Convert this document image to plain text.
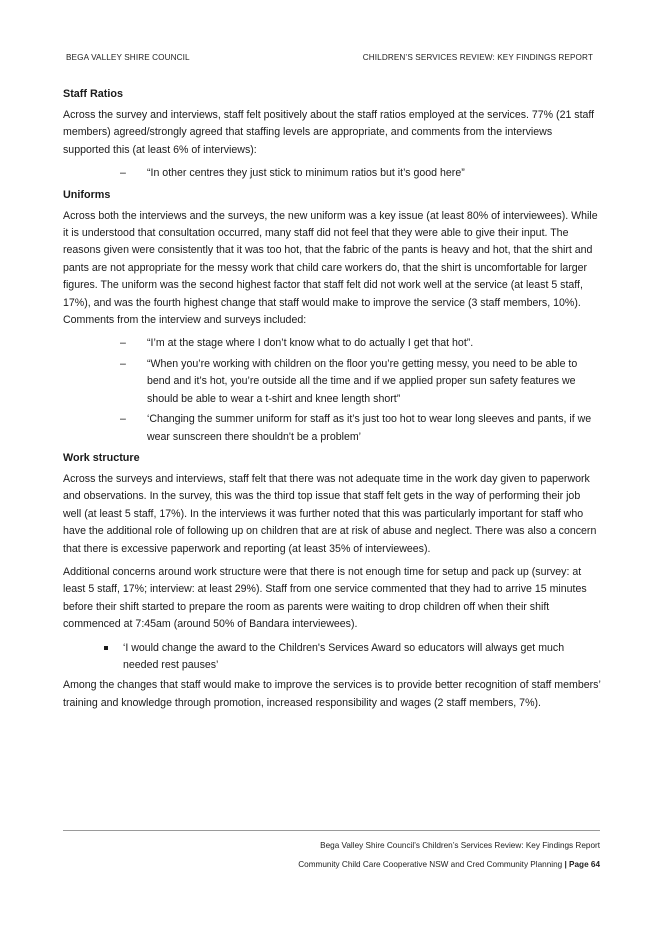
BEGA VALLEY SHIRE COUNCIL	CHILDREN’S SERVICES REVIEW: KEY FINDINGS REPORT
Staff Ratios

Across the survey and interviews, staff felt positively about the staff ratios employed at the services. 77% (21 staff members) agreed/strongly agreed that staffing levels are appropriate, and comments from the interviews supported this (at least 6% of interviews):

– “In other centres they just stick to minimum ratios but it’s good here”
Uniforms

Across both the interviews and the surveys, the new uniform was a key issue (at least 80% of interviewees). While it is understood that consultation occurred, many staff did not feel that they were able to give their input. The reasons given were consistently that it was too hot, that the fabric of the pants is heavy and hot, that the shirt and pants are not appropriate for the messy work that child care workers do, that the shirt is uncomfortable for larger figures. The uniform was the second highest factor that staff felt did not work well at the service (at least 5 staff, 17%), and was the fourth highest change that staff would make to improve the service (3 staff members, 10%). Comments from the interview and surveys included:

– “I’m at the stage where I don’t know what to do actually I get that hot”.
– “When you’re working with children on the floor you’re getting messy, you need to be able to bend and it’s hot, you’re outside all the time and if we applied proper sun safety features we should be able to wear a t-shirt and knee length short”
– ‘Changing the summer uniform for staff as it’s just too hot to wear long sleeves and pants, if we wear sunscreen there shouldn't be a problem’
Work structure

Across the surveys and interviews, staff felt that there was not adequate time in the work day given to paperwork and observations. In the survey, this was the third top issue that staff felt gets in the way of performing their job well (at least 5 staff, 17%). In the interviews it was further noted that this was particularly important for staff who have the additional role of following up on children that are at risk of abuse and neglect. There was also a concern that there is excessive paperwork and reporting (at least 35% of interviewees).

Additional concerns around work structure were that there is not enough time for setup and pack up (survey: at least 5 staff, 17%; interview: at least 29%). Staff from one service commented that they had to arrive 15 minutes before their shift started to prepare the room as parents were waiting to drop children off when their shift commenced at 7:45am (around 50% of Bandara interviewees).

‘I would change the award to the Children's Services Award so educators will always get much needed rest pauses’

Among the changes that staff would make to improve the services is to provide better recognition of staff members’ training and knowledge through promotion, increased responsibility and wages (2 staff members, 7%).

Bega Valley Shire Council’s Children’s Services Review: Key Findings Report
Community Child Care Cooperative NSW and Cred Community Planning | Page 64
